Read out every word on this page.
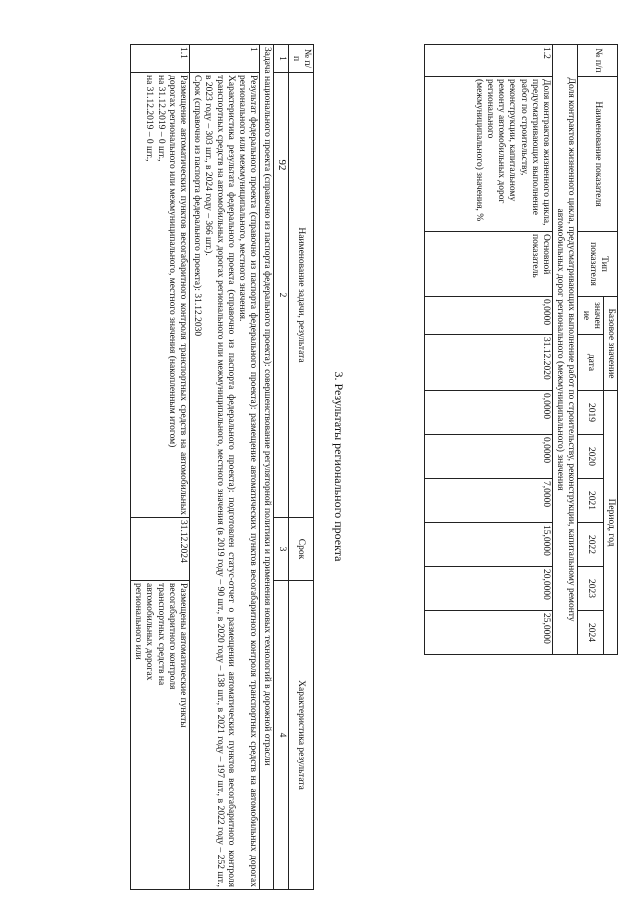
92
№ п/п	Наименование показателя	Тип показателя	Базовое значение		Период, год						
			значен ие	дата	2019	2020	2021	2022	2023	2024	

Доля контрактов жизненного цикла, предусматривающих выполнение работ по строительству, реконструкции, капитальному ремонту автомобильных дорог регионального (межмуниципального) значения											
1.2	Доля контрактов жизненного цикла, предусматривающих выполнение работ по строительству, реконструкции, капитальному ремонту автомобильных дорог регионального (межмуниципального) значения, %	Основной показатель	0,0000	31.12.2020	0,0000	0,0000	7,0000	15,0000	20,0000	25,0000	
3. Результаты регионального проекта
№ п/п	Наименование задачи, результата	Срок	Характеристика результата
1	2	3	4
Задача национального проекта (справочно из паспорта федерального проекта): совершенствование регуляторной политики и применения новых технологий в дорожной отрасли			
1	Результат федерального проекта (справочно из паспорта федерального проекта): размещение автоматических пунктов весогабаритного контроля транспортных средств на автомобильных дорогах регионального или межмуниципального, местного значения.
Характеристика результата федерального проекта (справочно из паспорта федерального проекта): подготовлен статус-отчет о размещении автоматических пунктов весогабаритного контроля транспортных средств на автомобильных дорогах регионального или межмуниципального, местного значения (в 2019 году – 90 шт., в 2020 году – 138 шт., в 2021 году – 197 шт., в 2022 году – 252 шт., в 2023 году – 303 шт., в 2024 году – 366 шт.).
Срок (справочно из паспорта федерального проекта): 31.12.2030		

1.1	Размещение автоматических пунктов весогабаритного контроля транспортных средств на автомобильных дорогах регионального или межмуниципального, местного значения (накопленным итогом)
на 31.12.2019 – 0 шт.,
на 31.12.2019 – 0 шт.,	31.12.2024	Размещены автоматические пункты весогабаритного контроля транспортных средств на автомобильных дорогах регионального или
